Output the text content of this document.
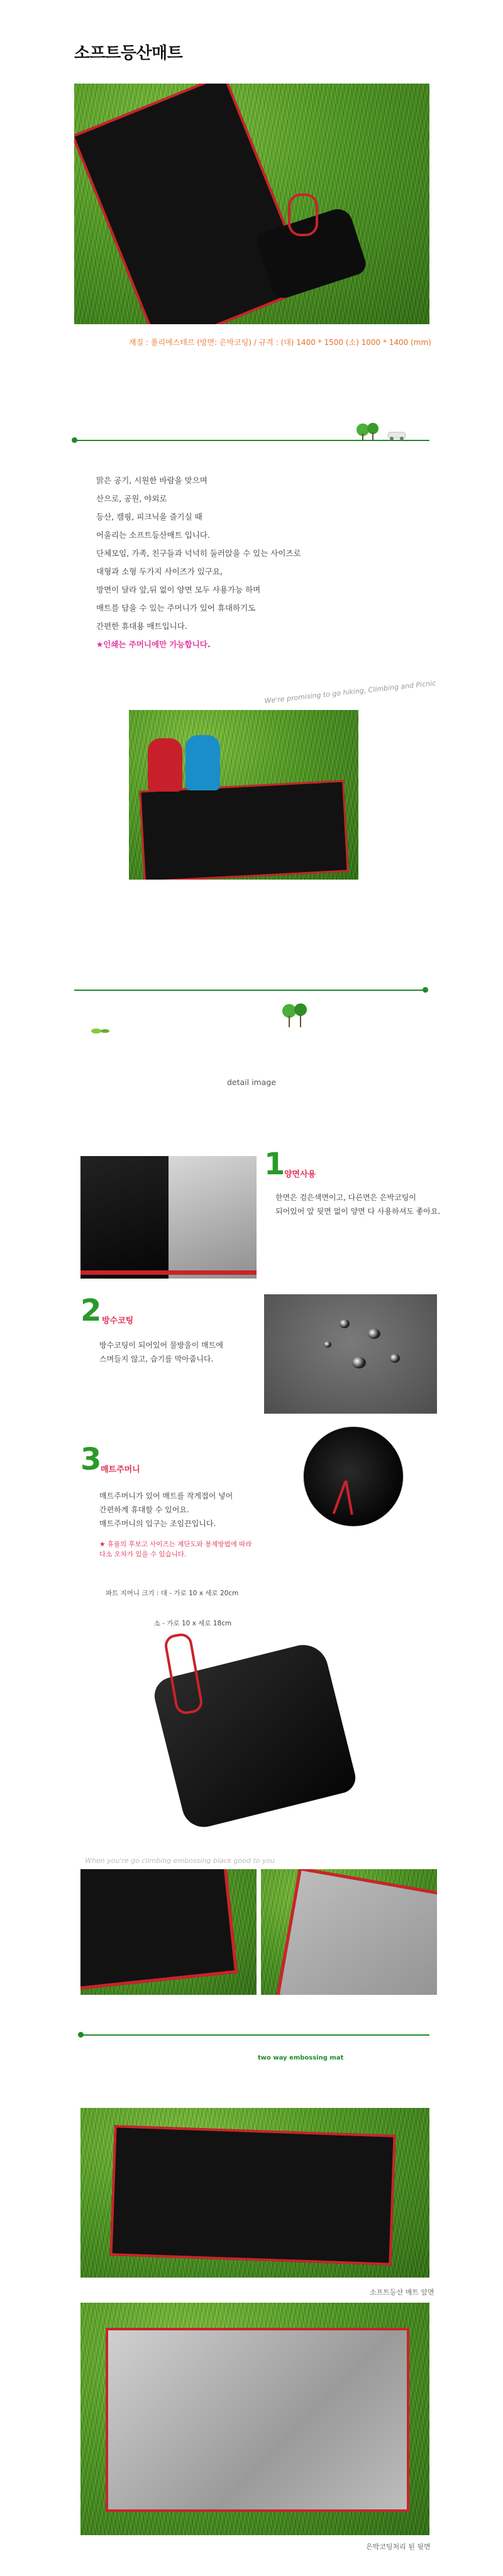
소프트등산매트
재질 : 폴리에스테르 (방면: 은박코팅) / 규격 : (대) 1400 * 1500 (소) 1000 * 1400 (mm)
맑은 공기, 시원한 바람을 맞으며
산으로, 공원, 야외로
등산, 캠핑, 피크닉을 즐기실 때
어울리는 소프트등산매트 입니다.
단체모임, 가족, 친구들과 넉넉히 둘러앉을 수 있는 사이즈로
대형과 소형 두가지 사이즈가 있구요,
방면이 달라 앞,뒤 없이 양면 모두 사용가능 하며
매트를 담을 수 있는 주머니가 있어 휴대하기도
간편한 휴대용 매트입니다.
★인쇄는 주머니에만 가능합니다.
We're promising to go hiking, Climbing and Picnic
detail image
1
양면사용
한면은 검은색면이고, 다른면은 은박코팅이
되어있어 앞 뒷면 없이 양면 다 사용하셔도 좋아요.
2 방수코팅
방수코팅이 되어있어 물방울이 매트에
스며들지 않고, 습기를 막아줍니다.
3
매트주머니
매트주머니가 있어 매트를 작게접어 넣어
간편하게 휴대할 수 있어요.
매트주머니의 입구는 조임끈입니다.
★ 휴품의 후보고 사이즈는 제단도와 봉제방법에 따라
다소 오차가 있을 수 있습니다.

파트 지머니 크기 : 대 - 가로 10 x 세로 20cm

소 - 가로 10 x 세로 18cm

When you're go climbing embossing black good to you
two way embossing mat
소프트등산 매트 앞면
은박코팅처리 된 뒷면
